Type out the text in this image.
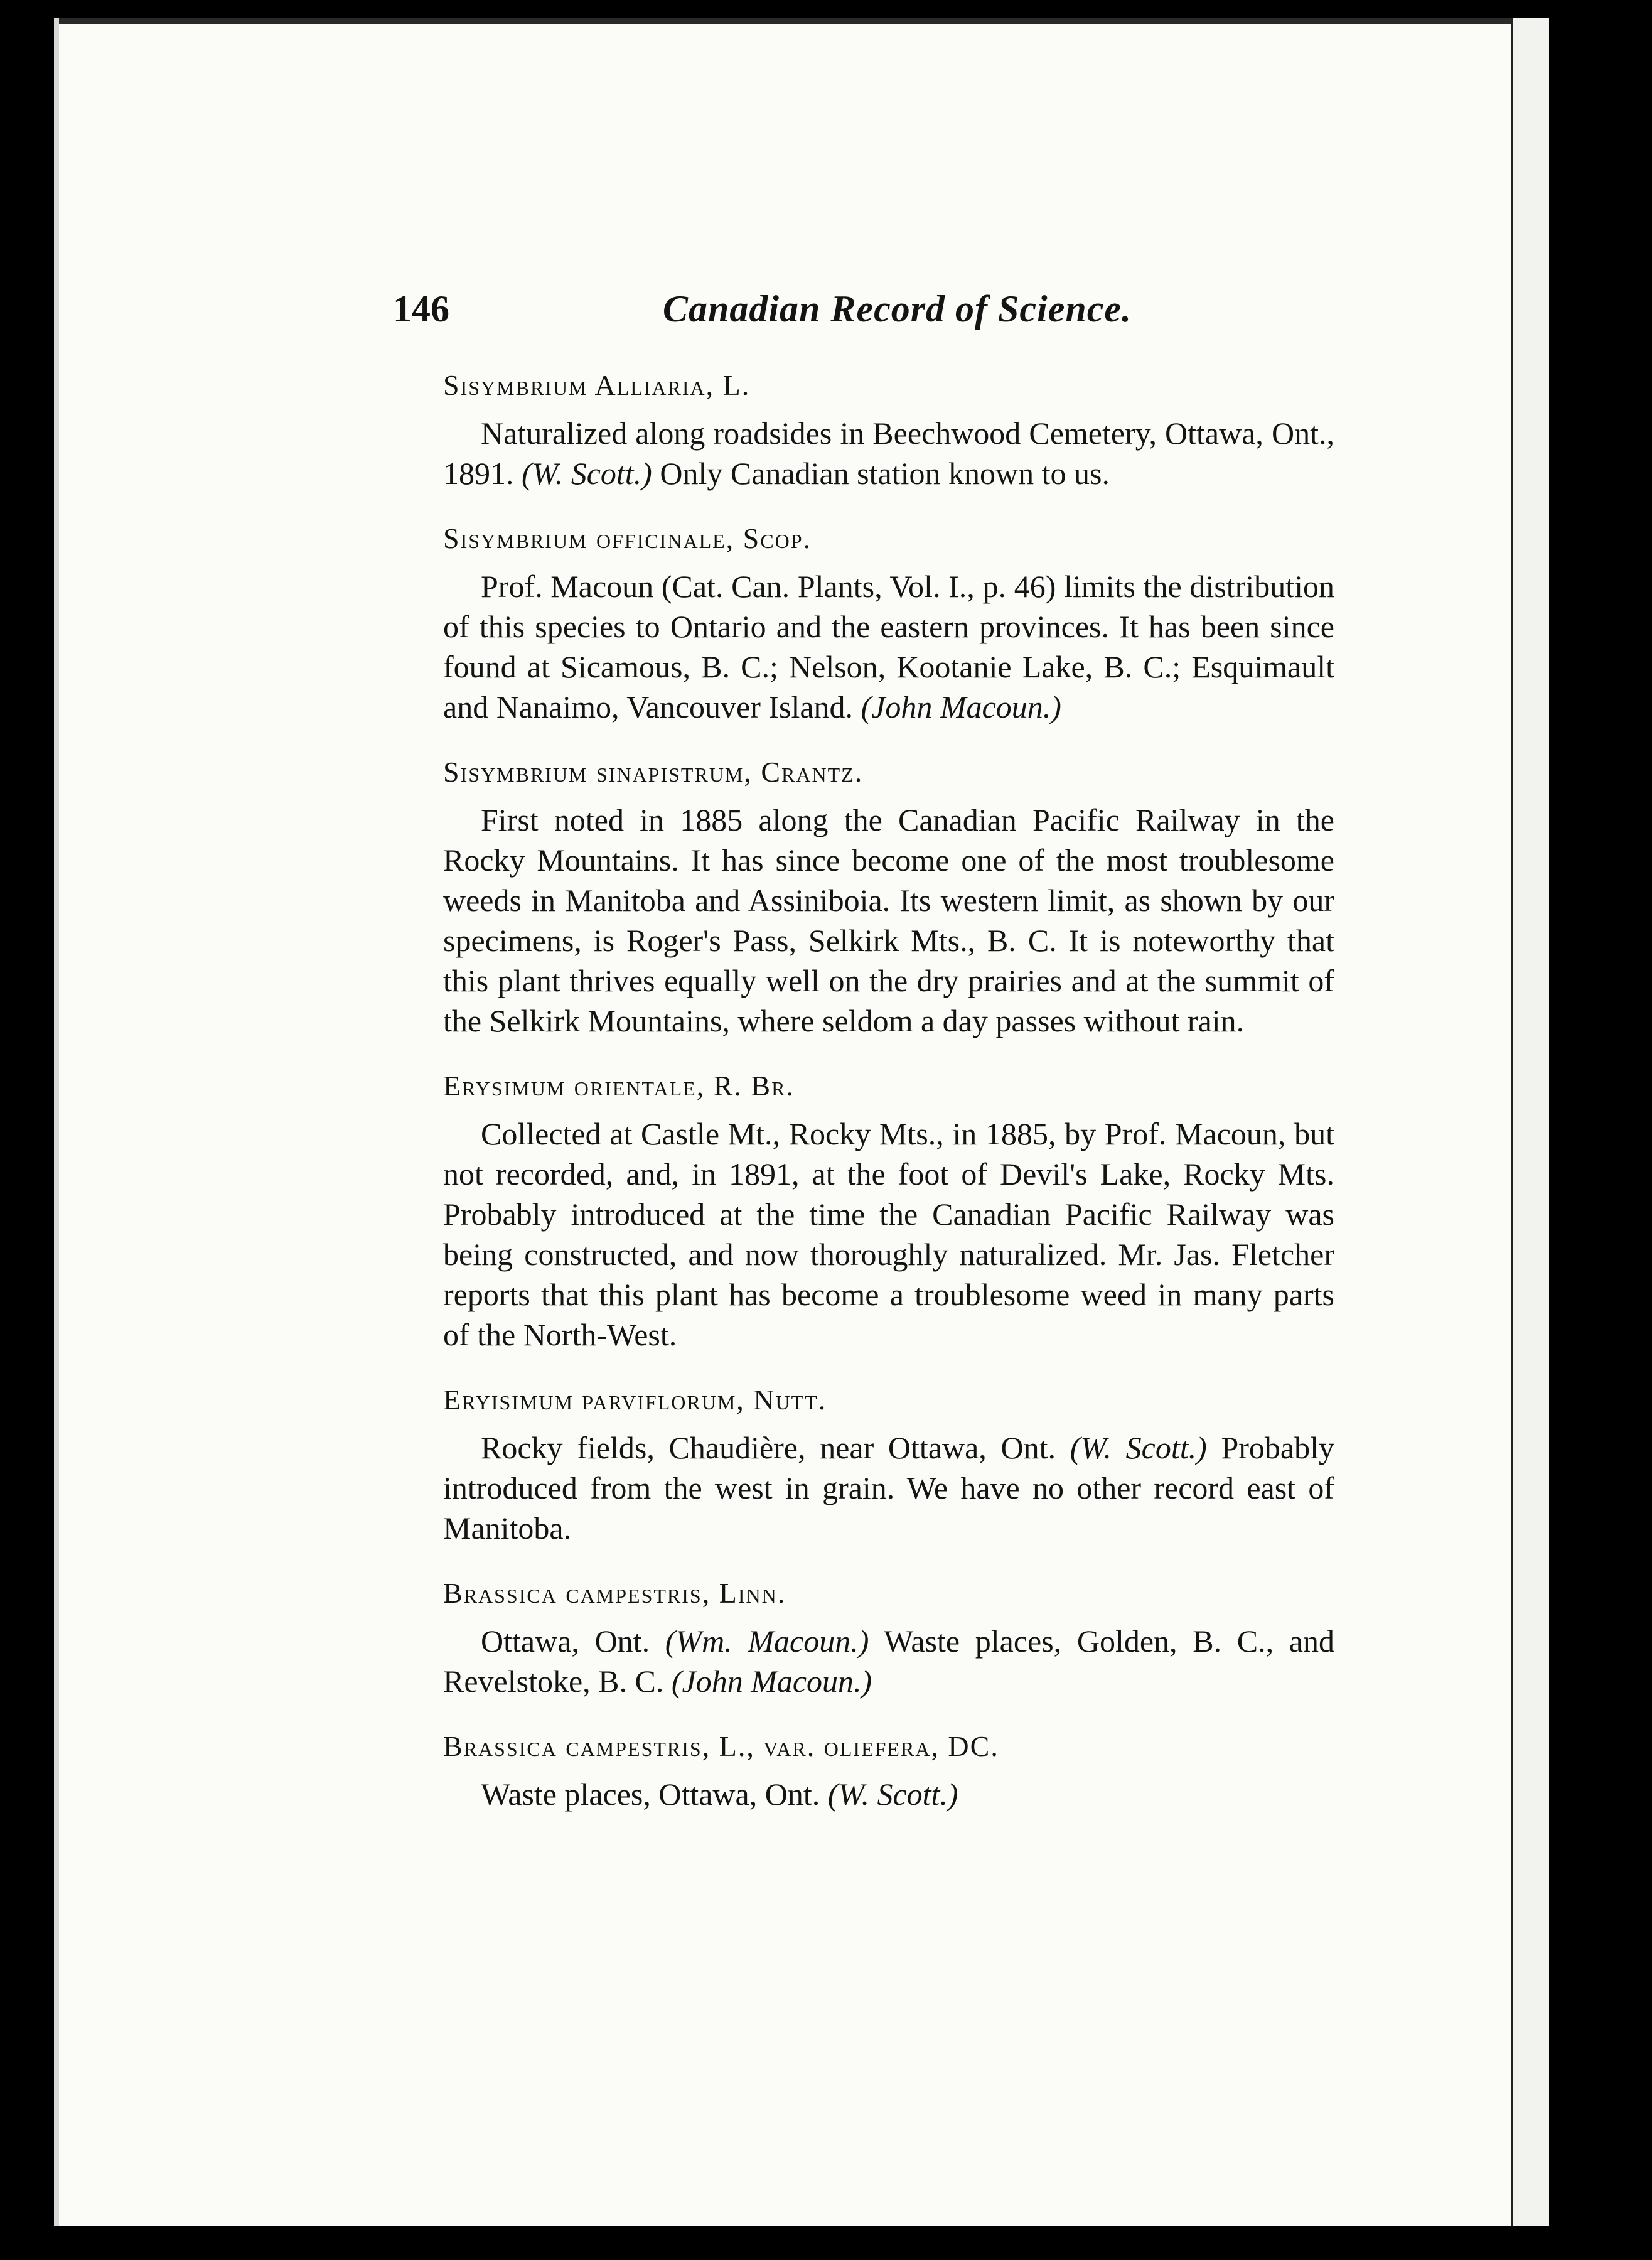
146	Canadian Record of Science.

Sisymbrium Alliaria, L.

Naturalized along roadsides in Beechwood Cemetery, Ottawa, Ont., 1891. (W. Scott.) Only Canadian station known to us.

Sisymbrium officinale, Scop.

Prof. Macoun (Cat. Can. Plants, Vol. I., p. 46) limits the distribution of this species to Ontario and the eastern provinces. It has been since found at Sicamous, B. C.; Nelson, Kootanie Lake, B. C.; Esquimault and Nanaimo, Vancouver Island. (John Macoun.)

Sisymbrium sinapistrum, Crantz.

First noted in 1885 along the Canadian Pacific Railway in the Rocky Mountains. It has since become one of the most troublesome weeds in Manitoba and Assiniboia. Its western limit, as shown by our specimens, is Roger's Pass, Selkirk Mts., B. C. It is noteworthy that this plant thrives equally well on the dry prairies and at the summit of the Selkirk Mountains, where seldom a day passes without rain.

Erysimum orientale, R. Br.

Collected at Castle Mt., Rocky Mts., in 1885, by Prof. Macoun, but not recorded, and, in 1891, at the foot of Devil's Lake, Rocky Mts. Probably introduced at the time the Canadian Pacific Railway was being constructed, and now thoroughly naturalized. Mr. Jas. Fletcher reports that this plant has become a troublesome weed in many parts of the North-West.

Eryisimum parviflorum, Nutt.

Rocky fields, Chaudière, near Ottawa, Ont. (W. Scott.) Probably introduced from the west in grain. We have no other record east of Manitoba.

Brassica campestris, Linn.

Ottawa, Ont. (Wm. Macoun.) Waste places, Golden, B. C., and Revelstoke, B. C. (John Macoun.)

Brassica campestris, L., var. oliefera, DC.

Waste places, Ottawa, Ont. (W. Scott.)
